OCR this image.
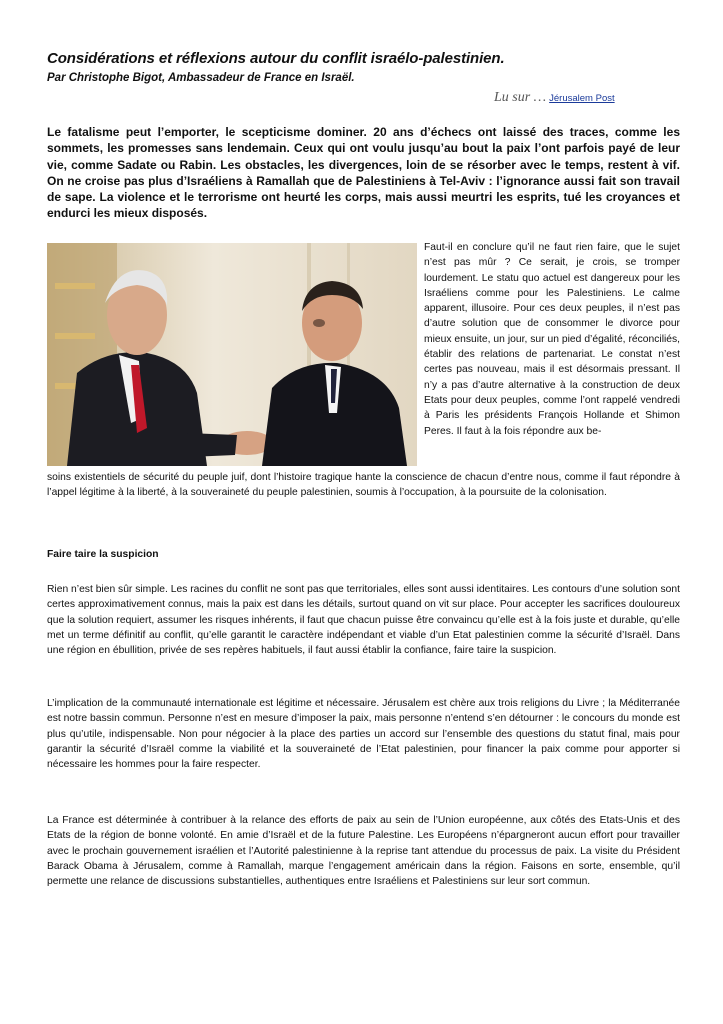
Considérations et réflexions autour du conflit israélo-palestinien.
Par Christophe Bigot, Ambassadeur de France en Israël.
Lu sur … Jérusalem Post
Le fatalisme peut l’emporter, le scepticisme dominer. 20 ans d’échecs ont laissé des traces, comme les sommets, les promesses sans lendemain. Ceux qui ont voulu jusqu’au bout la paix l’ont parfois payé de leur vie, comme Sadate ou Rabin. Les obstacles, les divergences, loin de se résorber avec le temps, restent à vif. On ne croise pas plus d’Israéliens à Ramallah que de Palestiniens à Tel-Aviv : l’ignorance aussi fait son travail de sape. La violence et le terrorisme ont heurté les corps, mais aussi meurtri les esprits, tué les croyances et endurci les mieux disposés.
Faut-il en conclure qu’il ne faut rien faire, que le sujet n’est pas mûr ? Ce serait, je crois, se tromper lourdement. Le statu quo actuel est dangereux pour les Israéliens comme pour les Palestiniens. Le calme apparent, illusoire. Pour ces deux peuples, il n’est pas d’autre solution que de consommer le divorce pour mieux ensuite, un jour, sur un pied d’égalité, réconciliés, établir des relations de partenariat. Le constat n’est certes pas nouveau, mais il est désormais pressant. Il n’y a pas d’autre alternative à la construction de deux Etats pour deux peuples, comme l’ont rappelé vendredi à Paris les présidents François Hollande et Shimon Peres. Il faut à la fois répondre aux be-
soins existentiels de sécurité du peuple juif, dont l’histoire tragique hante la conscience de chacun d’entre nous, comme il faut répondre à l’appel légitime à la liberté, à la souveraineté du peuple palestinien, soumis à l’occupation, à la poursuite de la colonisation.
Faire taire la suspicion
Rien n’est bien sûr simple. Les racines du conflit ne sont pas que territoriales, elles sont aussi identitaires. Les contours d’une solution sont certes approximativement connus, mais la paix est dans les détails, surtout quand on vit sur place. Pour accepter les sacrifices douloureux que la solution requiert, assumer les risques inhérents, il faut que chacun puisse être convaincu qu’elle est à la fois juste et durable, qu’elle met un terme définitif au conflit, qu’elle garantit le caractère indépendant et viable d’un Etat palestinien comme la sécurité d’Israël. Dans une région en ébullition, privée de ses repères habituels, il faut aussi établir la confiance, faire taire la suspicion.
L’implication de la communauté internationale est légitime et nécessaire. Jérusalem est chère aux trois religions du Livre ; la Méditerranée est notre bassin commun. Personne n’est en mesure d’imposer la paix, mais personne n’entend s’en détourner : le concours du monde est plus qu’utile, indispensable. Non pour négocier à la place des parties un accord sur l’ensemble des questions du statut final, mais pour garantir la sécurité d’Israël comme la viabilité et la souveraineté de l’Etat palestinien, pour financer la paix comme pour apporter si nécessaire les hommes pour la faire respecter.
La France est déterminée à contribuer à la relance des efforts de paix au sein de l’Union européenne, aux côtés des Etats-Unis et des Etats de la région de bonne volonté. En amie d’Israël et de la future Palestine. Les Européens n’épargneront aucun effort pour travailler avec le prochain gouvernement israélien et l’Autorité palestinienne à la reprise tant attendue du processus de paix. La visite du Président Barack Obama à Jérusalem, comme à Ramallah, marque l’engagement américain dans la région. Faisons en sorte, ensemble, qu’il permette une relance de discussions substantielles, authentiques entre Israéliens et Palestiniens sur leur sort commun.
